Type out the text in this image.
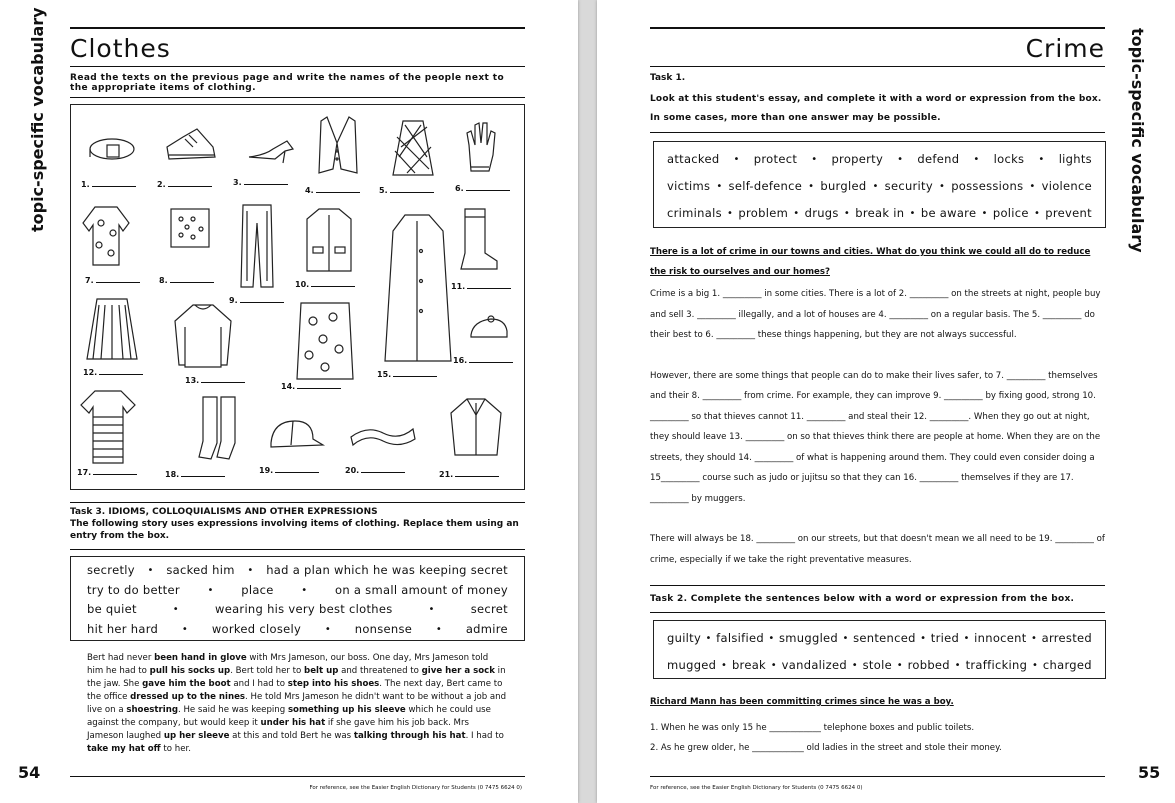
topic-specific vocabulary Clothes
Read the texts on the previous page and write the names of the people next to the appropriate items of clothing.
1.	2.	3.
4.	5.	6.
7.	8.
9.
10.	11.
12.
13.
14.
15.
16.
17.	18.	19.	20.	21.
Task 3. IDIOMS, COLLOQUIALISMS AND OTHER EXPRESSIONS
The following story uses expressions involving items of clothing. Replace them using an entry from the box.
secretly • sacked him • had a plan which he was keeping secret
try to do better	• place	• on a small amount of money
be quiet	•	wearing his very best clothes	•	secret
hit her hard • worked closely • nonsense • admire
Bert had never been hand in glove with Mrs Jameson, our boss. One day, Mrs Jameson told him he had to pull his socks up. Bert told her to belt up and threatened to give her a sock in the jaw. She gave him the boot and I had to step into his shoes. The next day, Bert came to the office dressed up to the nines. He told Mrs Jameson he didn't want to be without a job and live on a shoestring. He said he was keeping something up his sleeve which he could use against the company, but would keep it under his hat if she gave him his job back. Mrs Jameson laughed up her sleeve at this and told Bert he was talking through his hat. I had to take my hat off to her.
54
For reference, see the Easier English Dictionary for Students (0 7475 6624 0)
topic-specific vocabulary
Crime
Task 1.
Look at this student's essay, and complete it with a word or expression from the box. In some cases, more than one answer may be possible.
attacked • protect • property • defend • locks • lights
victims • self-defence • burgled • security • possessions • violence
criminals • problem • drugs • break in • be aware • police • prevent
There is a lot of crime in our towns and cities. What do you think we could all do to reduce the risk to ourselves and our homes?

Crime is a big 1. _________ in some cities. There is a lot of 2. _________ on the streets at night, people buy and sell 3. _________ illegally, and a lot of houses are 4. _________ on a regular basis. The 5. _________ do their best to 6. _________ these things happening, but they are not always successful.

However, there are some things that people can do to make their lives safer, to 7. _________ themselves and their 8. _________ from crime. For example, they can improve 9. _________ by fixing good, strong 10. _________ so that thieves cannot 11. _________ and steal their 12. _________. When they go out at night, they should leave 13. _________ on so that thieves think there are people at home. When they are on the streets, they should 14. _________ of what is happening around them. They could even consider doing a 15_________ course such as judo or jujitsu so that they can 16. _________ themselves if they are 17. _________ by muggers.

There will always be 18. _________ on our streets, but that doesn't mean we all need to be 19. _________ of crime, especially if we take the right preventative measures.

Task 2. Complete the sentences below with a word or expression from the box.
guilty • falsified • smuggled • sentenced • tried • innocent • arrested
mugged • break • vandalized • stole • robbed • trafficking • charged
Richard Mann has been committing crimes since he was a boy.
1. When he was only 15 he ____________ telephone boxes and public toilets.
2. As he grew older, he ____________ old ladies in the street and stole their money.
For reference, see the Easier English Dictionary for Students (0 7475 6624 0)
55
